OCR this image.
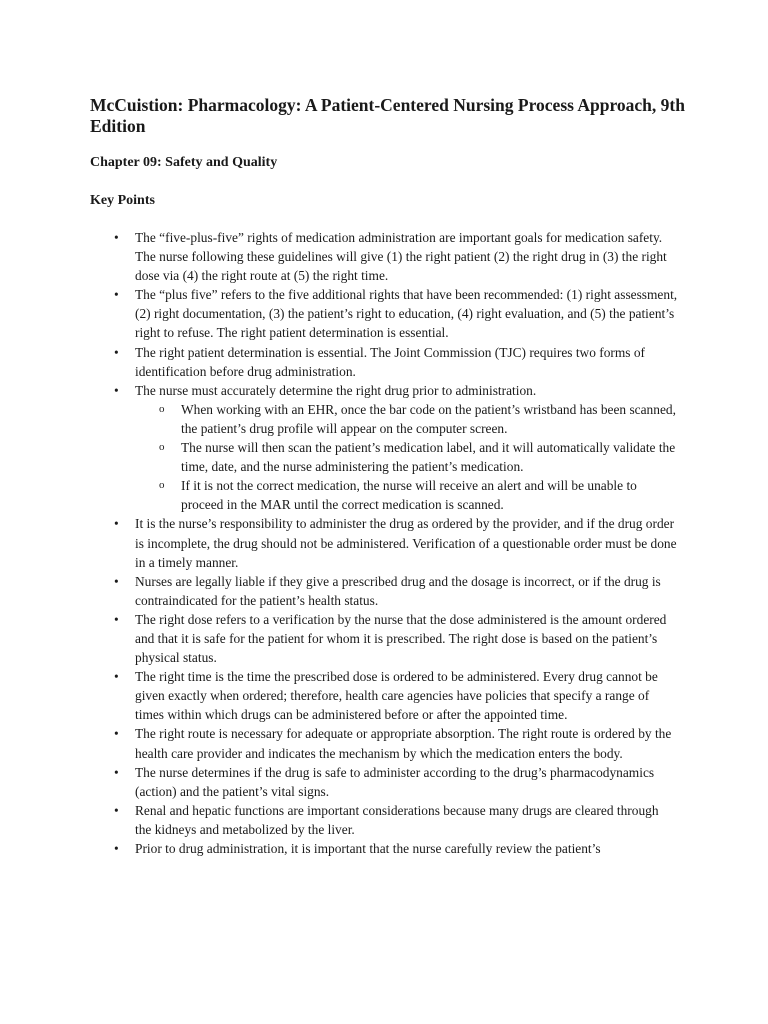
McCuistion: Pharmacology: A Patient-Centered Nursing Process Approach, 9th Edition
Chapter 09: Safety and Quality
Key Points
• The “five-plus-five” rights of medication administration are important goals for medication safety. The nurse following these guidelines will give (1) the right patient (2) the right drug in (3) the right dose via (4) the right route at (5) the right time.
• The “plus five” refers to the five additional rights that have been recommended: (1) right assessment, (2) right documentation, (3) the patient’s right to education, (4) right evaluation, and (5) the patient’s right to refuse. The right patient determination is essential.
• The right patient determination is essential. The Joint Commission (TJC) requires two forms of identification before drug administration.
• The nurse must accurately determine the right drug prior to administration.
o When working with an EHR, once the bar code on the patient’s wristband has been scanned, the patient’s drug profile will appear on the computer screen.
o The nurse will then scan the patient’s medication label, and it will automatically validate the time, date, and the nurse administering the patient’s medication.
o If it is not the correct medication, the nurse will receive an alert and will be unable to proceed in the MAR until the correct medication is scanned.
• It is the nurse’s responsibility to administer the drug as ordered by the provider, and if the drug order is incomplete, the drug should not be administered. Verification of a questionable order must be done in a timely manner.
• Nurses are legally liable if they give a prescribed drug and the dosage is incorrect, or if the drug is contraindicated for the patient’s health status.
• The right dose refers to a verification by the nurse that the dose administered is the amount ordered and that it is safe for the patient for whom it is prescribed. The right dose is based on the patient’s physical status.
• The right time is the time the prescribed dose is ordered to be administered. Every drug cannot be given exactly when ordered; therefore, health care agencies have policies that specify a range of times within which drugs can be administered before or after the appointed time.
• The right route is necessary for adequate or appropriate absorption. The right route is ordered by the health care provider and indicates the mechanism by which the medication enters the body.
• The nurse determines if the drug is safe to administer according to the drug’s pharmacodynamics (action) and the patient’s vital signs.
• Renal and hepatic functions are important considerations because many drugs are cleared through the kidneys and metabolized by the liver.
• Prior to drug administration, it is important that the nurse carefully review the patient’s
